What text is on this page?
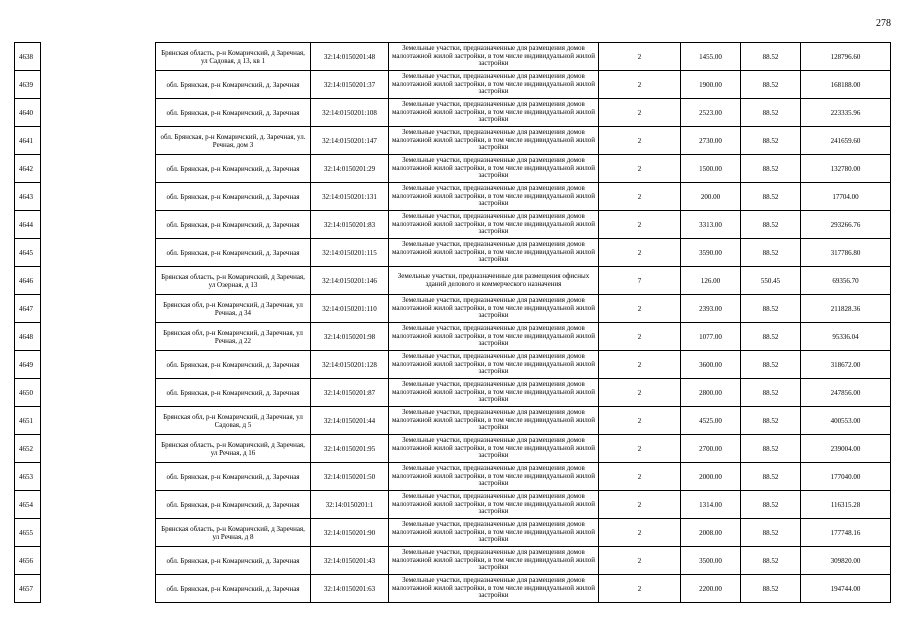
278
4638		Брянская область, р-н Комаричский, д Заречная, ул Садовая, д 13, кв 1	32:14:0150201:48	Земельные участки, предназначенные для размещения домов малоэтажной жилой застройки, в том числе индивидуальной жилой застройки	2	1455.00	88.52	128796.60
4639		обл. Брянская, р-н Комаричский, д. Заречная	32:14:0150201:37	Земельные участки, предназначенные для размещения домов малоэтажной жилой застройки, в том числе индивидуальной жилой застройки	2	1900.00	88.52	168188.00
4640		обл. Брянская, р-н Комаричский, д. Заречная	32:14:0150201:108	Земельные участки, предназначенные для размещения домов малоэтажной жилой застройки, в том числе индивидуальной жилой застройки	2	2523.00	88.52	223335.96
4641		обл. Брянская, р-н Комаричский, д. Заречная, ул. Речная, дом 3	32:14:0150201:147	Земельные участки, предназначенные для размещения домов малоэтажной жилой застройки, в том числе индивидуальной жилой застройки	2	2730.00	88.52	241659.60
4642		обл. Брянская, р-н Комаричский, д. Заречная	32:14:0150201:29	Земельные участки, предназначенные для размещения домов малоэтажной жилой застройки, в том числе индивидуальной жилой застройки	2	1500.00	88.52	132780.00
4643		обл. Брянская, р-н Комаричский, д. Заречная	32:14:0150201:131	Земельные участки, предназначенные для размещения домов малоэтажной жилой застройки, в том числе индивидуальной жилой застройки	2	200.00	88.52	17704.00
4644		обл. Брянская, р-н Комаричский, д. Заречная	32:14:0150201:83	Земельные участки, предназначенные для размещения домов малоэтажной жилой застройки, в том числе индивидуальной жилой застройки	2	3313.00	88.52	293266.76
4645		обл. Брянская, р-н Комаричский, д. Заречная	32:14:0150201:115	Земельные участки, предназначенные для размещения домов малоэтажной жилой застройки, в том числе индивидуальной жилой застройки	2	3590.00	88.52	317786.80
4646		Брянская область, р-н Комаричский, д Заречная, ул Озерная, д 13	32:14:0150201:146	Земельные участки, предназначенные для размещения офисных зданий делового и коммерческого назначения	7	126.00	550.45	69356.70
4647		Брянская обл, р-н Комаричский, д Заречная, ул Речная, д 34	32:14:0150201:110	Земельные участки, предназначенные для размещения домов малоэтажной жилой застройки, в том числе индивидуальной жилой застройки	2	2393.00	88.52	211828.36
4648		Брянская обл, р-н Комаричский, д Заречная, ул Речная, д 22	32:14:0150201:98	Земельные участки, предназначенные для размещения домов малоэтажной жилой застройки, в том числе индивидуальной жилой застройки	2	1077.00	88.52	95336.04
4649		обл. Брянская, р-н Комаричский, д. Заречная	32:14:0150201:128	Земельные участки, предназначенные для размещения домов малоэтажной жилой застройки, в том числе индивидуальной жилой застройки	2	3600.00	88.52	318672.00
4650		обл. Брянская, р-н Комаричский, д. Заречная	32:14:0150201:87	Земельные участки, предназначенные для размещения домов малоэтажной жилой застройки, в том числе индивидуальной жилой застройки	2	2800.00	88.52	247856.00
4651		Брянская обл, р-н Комаричский, д Заречная, ул Садовая, д 5	32:14:0150201:44	Земельные участки, предназначенные для размещения домов малоэтажной жилой застройки, в том числе индивидуальной жилой застройки	2	4525.00	88.52	400553.00
4652		Брянская область, р-н Комаричский, д Заречная, ул Речная, д 16	32:14:0150201:95	Земельные участки, предназначенные для размещения домов малоэтажной жилой застройки, в том числе индивидуальной жилой застройки	2	2700.00	88.52	239004.00
4653		обл. Брянская, р-н Комаричский, д. Заречная	32:14:0150201:50	Земельные участки, предназначенные для размещения домов малоэтажной жилой застройки, в том числе индивидуальной жилой застройки	2	2000.00	88.52	177040.00
4654		обл. Брянская, р-н Комаричский, д. Заречная	32:14:0150201:1	Земельные участки, предназначенные для размещения домов малоэтажной жилой застройки, в том числе индивидуальной жилой застройки	2	1314.00	88.52	116315.28
4655		Брянская область, р-н Комаричский, д Заречная, ул Речная, д 8	32:14:0150201:90	Земельные участки, предназначенные для размещения домов малоэтажной жилой застройки, в том числе индивидуальной жилой застройки	2	2008.00	88.52	177748.16
4656		обл. Брянская, р-н Комаричский, д. Заречная	32:14:0150201:43	Земельные участки, предназначенные для размещения домов малоэтажной жилой застройки, в том числе индивидуальной жилой застройки	2	3500.00	88.52	309820.00
4657		обл. Брянская, р-н Комаричский, д. Заречная	32:14:0150201:63	Земельные участки, предназначенные для размещения домов малоэтажной жилой застройки, в том числе индивидуальной жилой застройки	2	2200.00	88.52	194744.00
